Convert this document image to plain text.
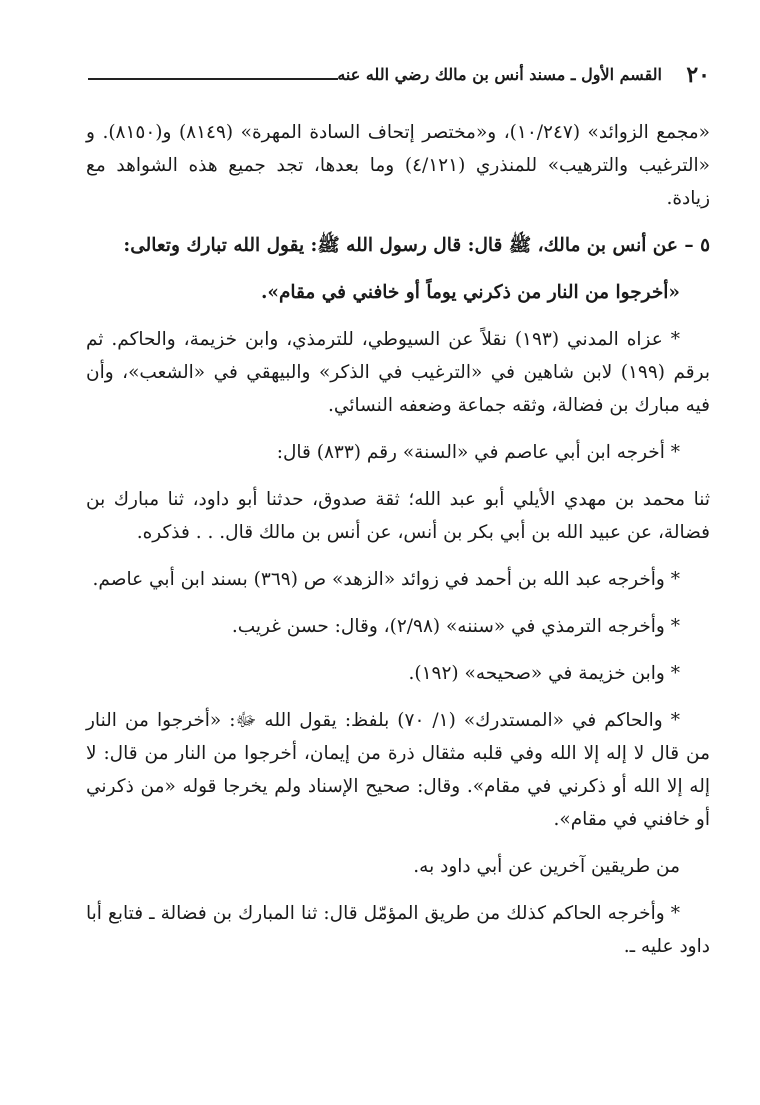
٢٠
القسم الأول ـ مسند أنس بن مالك رضي الله عنه

«مجمع الزوائد» (١٠/٢٤٧)، و«مختصر إتحاف السادة المهرة» (٨١٤٩) و(٨١٥٠). و «الترغيب والترهيب» للمنذري (٤/١٢١) وما بعدها، تجد جميع هذه الشواهد مع زيادة.

٥ – عن أنس بن مالك، ﷺ قال: قال رسول الله ﷺ: يقول الله تبارك وتعالى:

«أخرجوا من النار من ذكرني يوماً أو خافني في مقام».

* عزاه المدني (١٩٣) نقلاً عن السيوطي، للترمذي، وابن خزيمة، والحاكم. ثم برقم (١٩٩) لابن شاهين في «الترغيب في الذكر» والبيهقي في «الشعب»، وأن فيه مبارك بن فضالة، وثقه جماعة وضعفه النسائي.

* أخرجه ابن أبي عاصم في «السنة» رقم (٨٣٣) قال:

ثنا محمد بن مهدي الأيلي أبو عبد الله؛ ثقة صدوق، حدثنا أبو داود، ثنا مبارك بن فضالة، عن عبيد الله بن أبي بكر بن أنس، عن أنس بن مالك قال. . . فذكره.

* وأخرجه عبد الله بن أحمد في زوائد «الزهد» ص (٣٦٩) بسند ابن أبي عاصم.

* وأخرجه الترمذي في «سننه» (٢/٩٨)، وقال: حسن غريب.

* وابن خزيمة في «صحيحه» (١٩٢).

* والحاكم في «المستدرك» (١/ ٧٠) بلفظ: يقول الله ﷻ: «أخرجوا من النار من قال لا إله إلا الله وفي قلبه مثقال ذرة من إيمان، أخرجوا من النار من قال: لا إله إلا الله أو ذكرني في مقام». وقال: صحيح الإسناد ولم يخرجا قوله «من ذكرني أو خافني في مقام».

من طريقين آخرين عن أبي داود به.

* وأخرجه الحاكم كذلك من طريق المؤمّل قال: ثنا المبارك بن فضالة ـ فتابع أبا داود عليه ـ.
